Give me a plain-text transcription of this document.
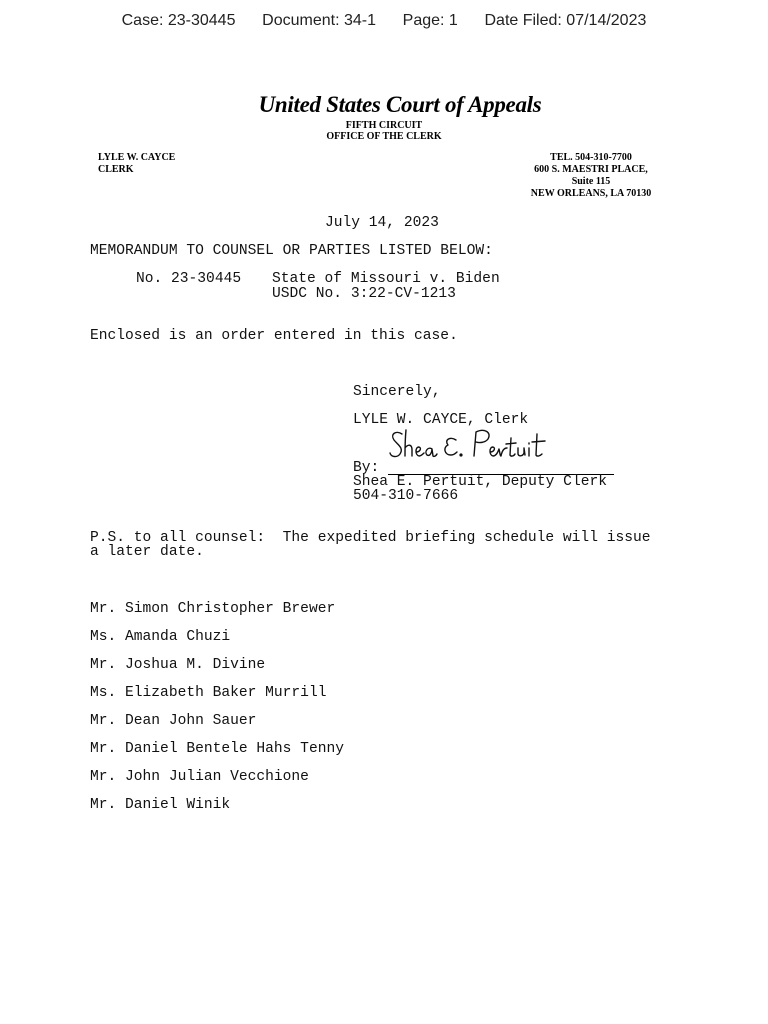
Case: 23-30445 Document: 34-1 Page: 1 Date Filed: 07/14/2023
United States Court of Appeals
FIFTH CIRCUIT
OFFICE OF THE CLERK
LYLE W. CAYCE
CLERK
TEL. 504-310-7700
600 S. MAESTRI PLACE,
Suite 115
NEW ORLEANS, LA 70130
July 14, 2023
MEMORANDUM TO COUNSEL OR PARTIES LISTED BELOW:
No. 23-30445 State of Missouri v. Biden
USDC No. 3:22-CV-1213
Enclosed is an order entered in this case.
Sincerely,
LYLE W. CAYCE, Clerk
By:
Shea E. Pertuit, Deputy Clerk
504-310-7666
P.S. to all counsel:  The expedited briefing schedule will issue
a later date.

Mr. Simon Christopher Brewer

Ms. Amanda Chuzi

Mr. Joshua M. Divine

Ms. Elizabeth Baker Murrill

Mr. Dean John Sauer

Mr. Daniel Bentele Hahs Tenny

Mr. John Julian Vecchione

Mr. Daniel Winik
